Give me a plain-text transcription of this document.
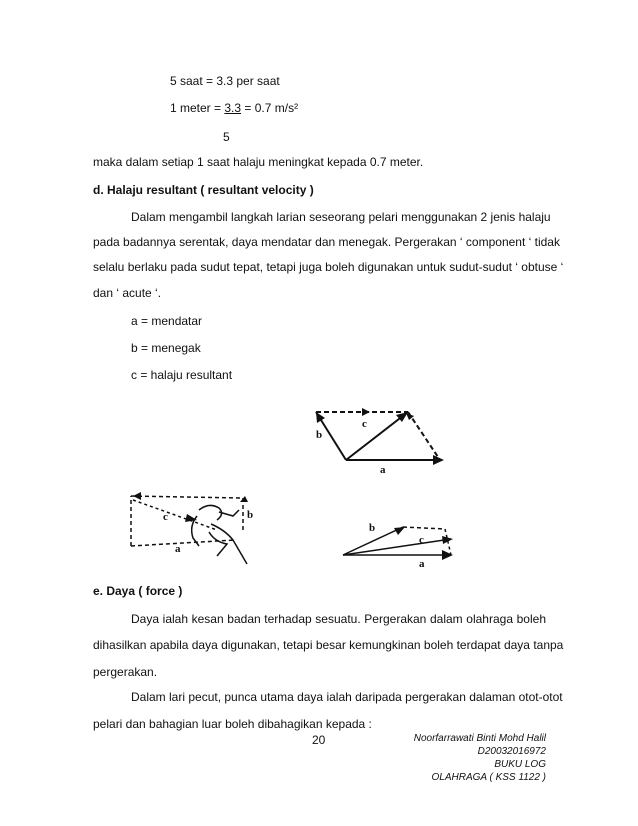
5 saat = 3.3 per saat
1 meter = 3.3 = 0.7 m/s²
5
maka dalam setiap 1 saat halaju meningkat kepada 0.7 meter.
d. Halaju resultant ( resultant velocity )
Dalam mengambil langkah larian seseorang pelari menggunakan 2 jenis halaju
pada badannya serentak, daya mendatar dan menegak. Pergerakan ‘ component ‘ tidak
selalu berlaku pada sudut tepat, tetapi juga boleh digunakan untuk sudut-sudut ‘ obtuse ‘
dan ‘ acute ‘.
a = mendatar
b = menegak
c = halaju resultant
b
c
a
c	b
a
b
c
a
e. Daya ( force )
Daya ialah kesan badan terhadap sesuatu. Pergerakan dalam olahraga boleh
dihasilkan apabila daya digunakan, tetapi besar kemungkinan boleh terdapat daya tanpa
pergerakan.
Dalam lari pecut, punca utama daya ialah daripada pergerakan dalaman otot-otot
pelari dan bahagian luar boleh dibahagikan kepada :
20	Noorfarrawati Binti Mohd Halil
D20032016972
BUKU LOG
OLAHRAGA ( KSS 1122 )
